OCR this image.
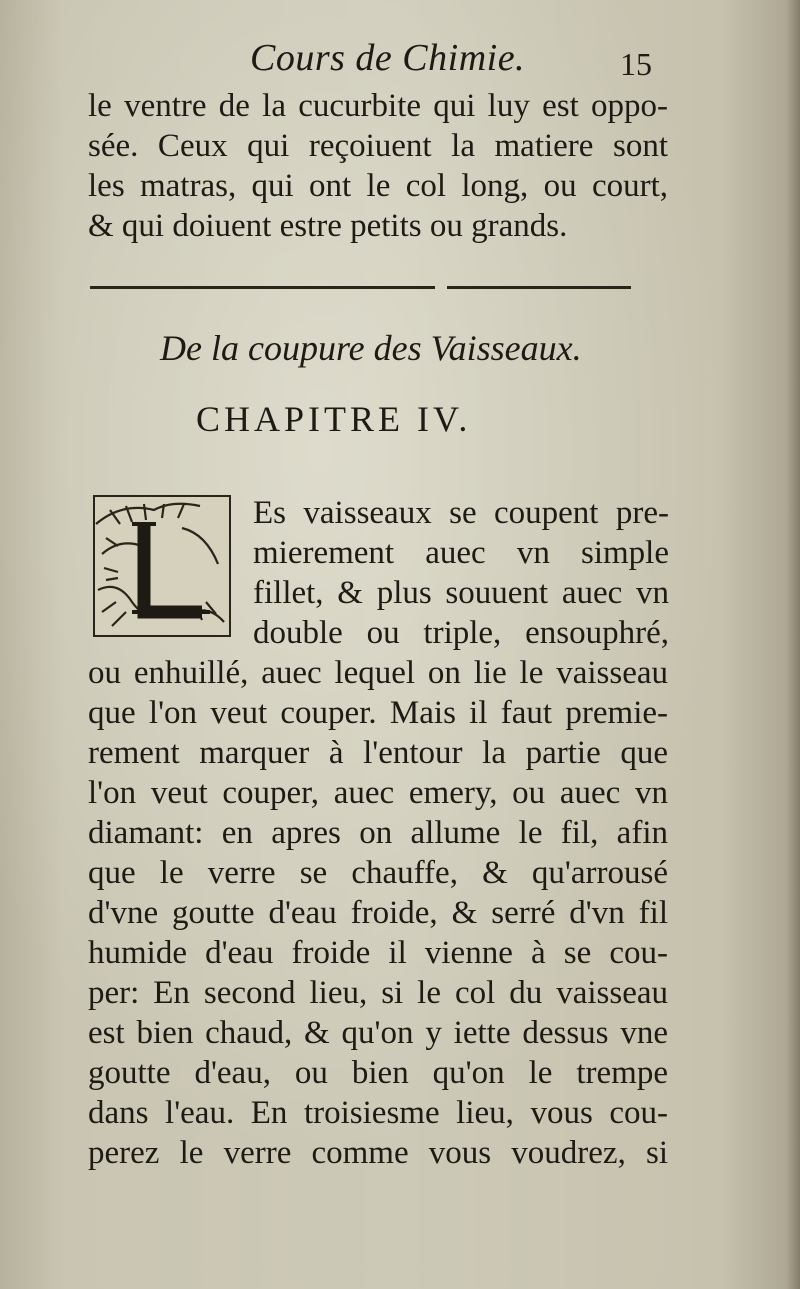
Cours de Chimie.	15
le ventre de la cucurbite qui luy est oppo-
sée. Ceux qui reçoiuent la matiere sont
les matras, qui ont le col long, ou court,
& qui doiuent estre petits ou grands.
De la coupure des Vaisseaux.
CHAPITRE IV.
Es vaisseaux se coupent pre-
mierement auec vn simple
fillet, & plus souuent auec vn
double ou triple, ensouphré,
ou enhuillé, auec lequel on lie le vaisseau
que l'on veut couper. Mais il faut premie-
rement marquer à l'entour la partie que
l'on veut couper, auec emery, ou auec vn
diamant: en apres on allume le fil, afin
que le verre se chauffe, & qu'arrousé
d'vne goutte d'eau froide, & serré d'vn fil
humide d'eau froide il vienne à se cou-
per: En second lieu, si le col du vaisseau
est bien chaud, & qu'on y iette dessus vne
goutte d'eau, ou bien qu'on le trempe
dans l'eau. En troisiesme lieu, vous cou-
perez le verre comme vous voudrez, si
